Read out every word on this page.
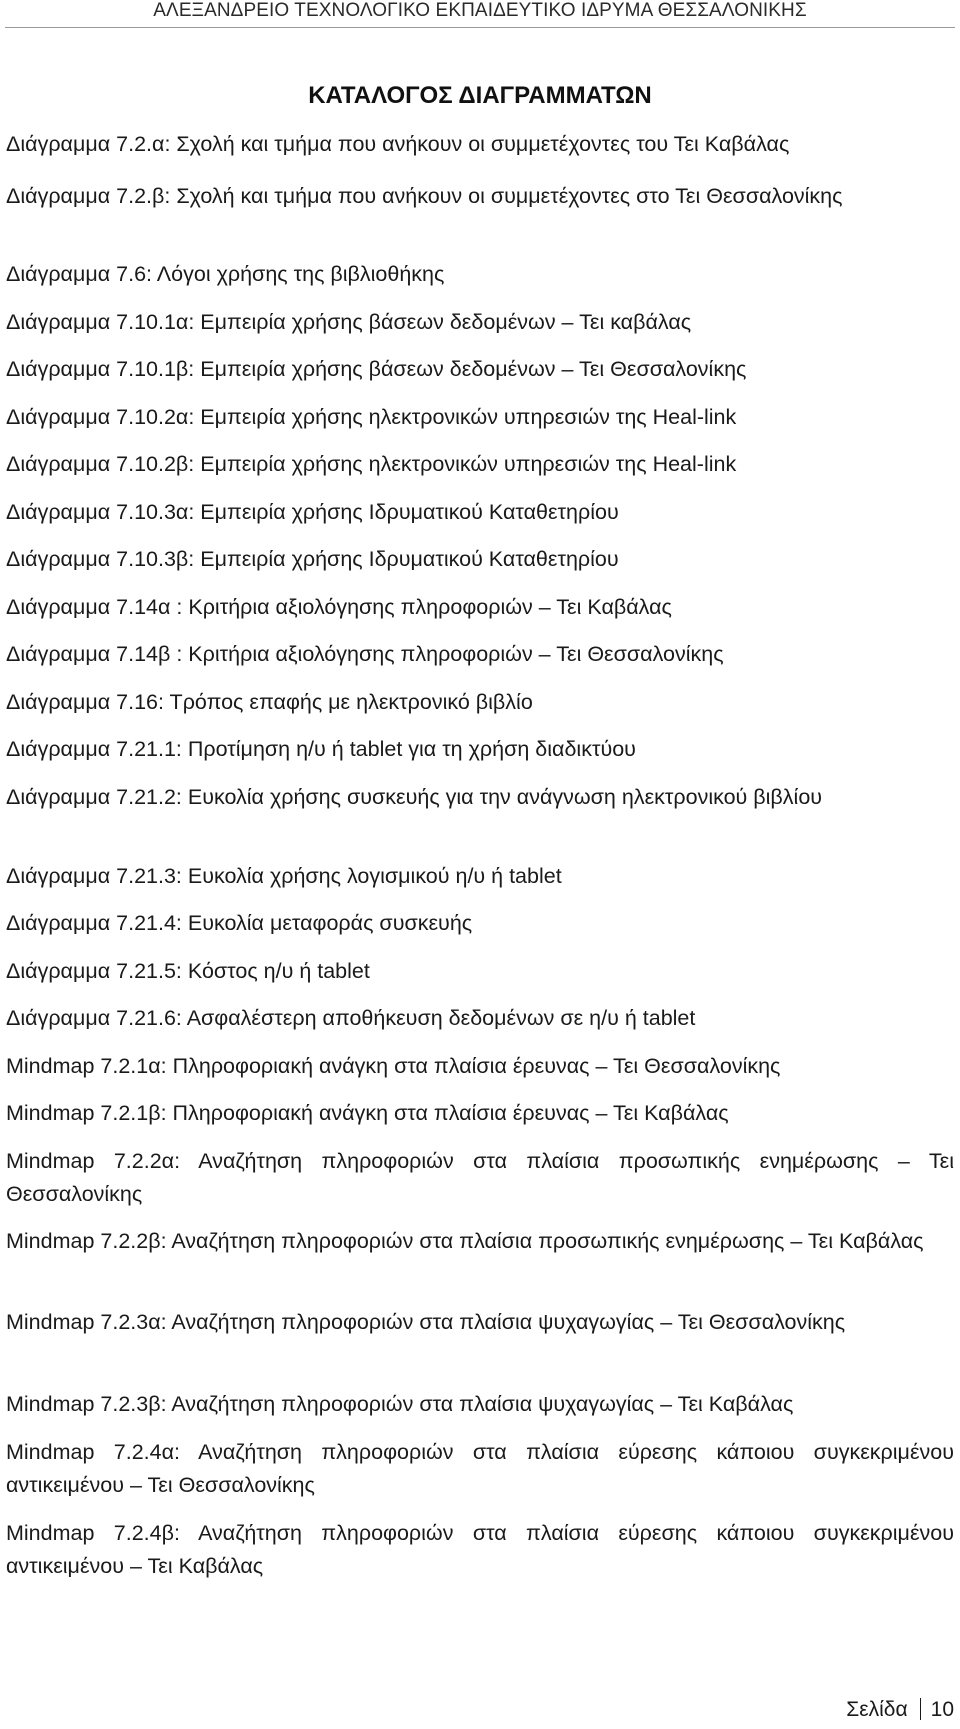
ΑΛΕΞΑΝΔΡΕΙΟ ΤΕΧΝΟΛΟΓΙΚΟ ΕΚΠΑΙΔΕΥΤΙΚΟ ΙΔΡΥΜΑ ΘΕΣΣΑΛΟΝΙΚΗΣ
ΚΑΤΑΛΟΓΟΣ ΔΙΑΓΡΑΜΜΑΤΩΝ

Διάγραμμα 7.2.α: Σχολή και τμήμα που ανήκουν οι συμμετέχοντες του Τει Καβάλας

Διάγραμμα 7.2.β: Σχολή και τμήμα που ανήκουν οι συμμετέχοντες στο Τει Θεσσαλονίκης

Διάγραμμα 7.6: Λόγοι χρήσης της βιβλιοθήκης

Διάγραμμα 7.10.1α: Εμπειρία χρήσης βάσεων δεδομένων – Τει καβάλας

Διάγραμμα 7.10.1β: Εμπειρία χρήσης βάσεων δεδομένων – Τει Θεσσαλονίκης

Διάγραμμα 7.10.2α: Εμπειρία χρήσης ηλεκτρονικών υπηρεσιών της Heal-link

Διάγραμμα 7.10.2β: Εμπειρία χρήσης ηλεκτρονικών υπηρεσιών της Heal-link

Διάγραμμα 7.10.3α: Εμπειρία χρήσης Ιδρυματικού Καταθετηρίου

Διάγραμμα 7.10.3β: Εμπειρία χρήσης Ιδρυματικού Καταθετηρίου

Διάγραμμα 7.14α : Κριτήρια αξιολόγησης πληροφοριών – Τει Καβάλας

Διάγραμμα 7.14β : Κριτήρια αξιολόγησης πληροφοριών – Τει Θεσσαλονίκης

Διάγραμμα 7.16: Τρόπος επαφής με ηλεκτρονικό βιβλίο

Διάγραμμα 7.21.1: Προτίμηση η/υ ή tablet για τη χρήση διαδικτύου

Διάγραμμα 7.21.2: Ευκολία χρήσης συσκευής για την ανάγνωση ηλεκτρονικού βιβλίου

Διάγραμμα 7.21.3: Ευκολία χρήσης λογισμικού η/υ ή tablet

Διάγραμμα 7.21.4: Ευκολία μεταφοράς συσκευής

Διάγραμμα 7.21.5: Κόστος η/υ ή tablet

Διάγραμμα 7.21.6: Ασφαλέστερη αποθήκευση δεδομένων σε η/υ ή tablet

Mindmap 7.2.1α: Πληροφοριακή ανάγκη στα πλαίσια έρευνας – Τει Θεσσαλονίκης

Mindmap 7.2.1β: Πληροφοριακή ανάγκη στα πλαίσια έρευνας – Τει Καβάλας

Mindmap 7.2.2α: Αναζήτηση πληροφοριών στα πλαίσια προσωπικής ενημέρωσης – Τει Θεσσαλονίκης

Mindmap 7.2.2β: Αναζήτηση πληροφοριών στα πλαίσια προσωπικής ενημέρωσης – Τει Καβάλας

Mindmap 7.2.3α: Αναζήτηση πληροφοριών στα πλαίσια ψυχαγωγίας – Τει Θεσσαλονίκης

Mindmap 7.2.3β: Αναζήτηση πληροφοριών στα πλαίσια ψυχαγωγίας – Τει Καβάλας

Mindmap 7.2.4α: Αναζήτηση πληροφοριών στα πλαίσια εύρεσης κάποιου συγκεκριμένου αντικειμένου – Τει Θεσσαλονίκης

Mindmap 7.2.4β: Αναζήτηση πληροφοριών στα πλαίσια εύρεσης κάποιου συγκεκριμένου αντικειμένου – Τει Καβάλας

Σελίδα 10
